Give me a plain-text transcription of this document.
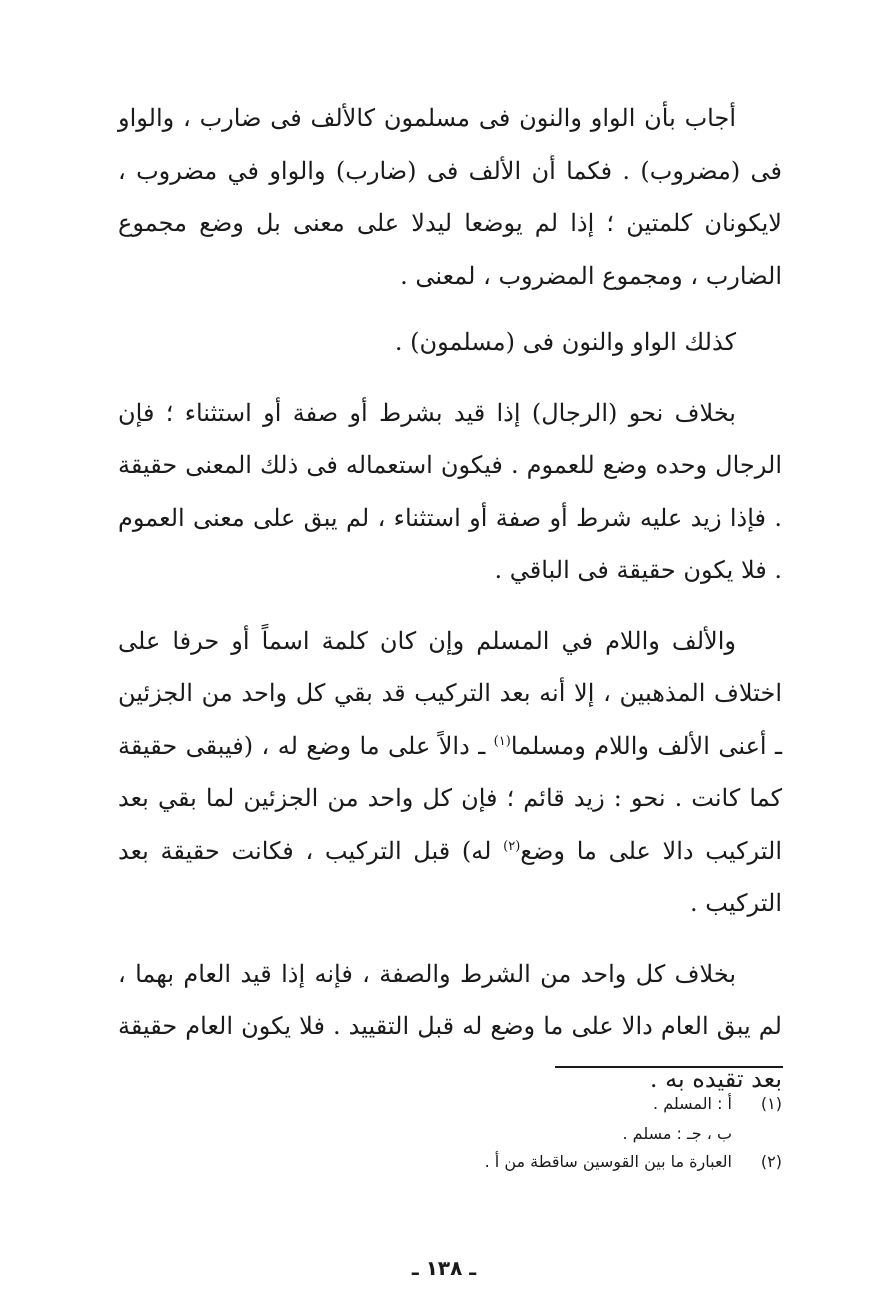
أجاب بأن الواو والنون فى مسلمون كالألف فى ضارب ، والواو فى (مضروب) . فكما أن الألف فى (ضارب) والواو في مضروب ، لايكونان كلمتين ؛ إذا لم يوضعا ليدلا على معنى بل وضع مجموع الضارب ، ومجموع المضروب ، لمعنى .

كذلك الواو والنون فى (مسلمون) .

بخلاف نحو (الرجال) إذا قيد بشرط أو صفة أو استثناء ؛ فإن الرجال وحده وضع للعموم . فيكون استعماله فى ذلك المعنى حقيقة . فإذا زيد عليه شرط أو صفة أو استثناء ، لم يبق على معنى العموم . فلا يكون حقيقة فى الباقي .

والألف واللام في المسلم وإن كان كلمة اسماً أو حرفا على اختلاف المذهبين ، إلا أنه بعد التركيب قد بقي كل واحد من الجزئين ـ أعنى الألف واللام ومسلما$^{(١)}$ ـ دالاً على ما وضع له ، (فيبقى حقيقة كما كانت . نحو : زيد قائم ؛ فإن كل واحد من الجزئين لما بقي بعد التركيب دالا على ما وضع$^{(٢)}$ له) قبل التركيب ، فكانت حقيقة بعد التركيب .

بخلاف كل واحد من الشرط والصفة ، فإنه إذا قيد العام بهما ، لم يبق العام دالا على ما وضع له قبل التقييد . فلا يكون العام حقيقة بعد تقيده به .

(١)
أ : المسلم .
ب ، جـ : مسلم .
(٢)
العبارة ما بين القوسين ساقطة من أ .
ـ ١٣٨ ـ
